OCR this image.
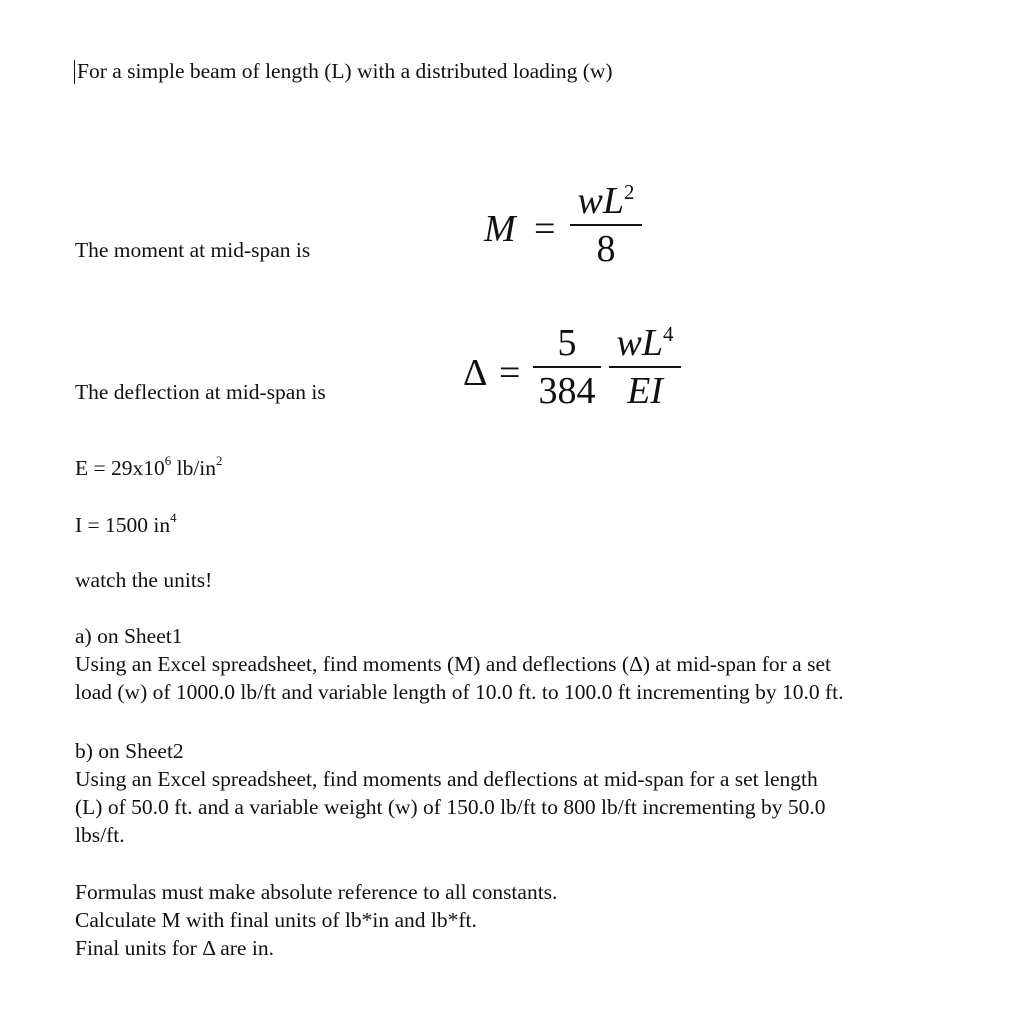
For a simple beam of length (L) with a distributed loading (w)
The moment at mid-span is	M =
$wL^2$
8
The deflection at mid-span is	Δ =
5
384
$wL^4$
EI
$E = 29x10^6$ $lb/in^2$
I = 1500 $in^4$
watch the units!
a) on Sheet1
Using an Excel spreadsheet, find moments (M) and deflections (Δ) at mid-span for a set
load (w) of 1000.0 lb/ft and variable length of 10.0 ft. to 100.0 ft incrementing by 10.0 ft.
b) on Sheet2
Using an Excel spreadsheet, find moments and deflections at mid-span for a set length
(L) of 50.0 ft. and a variable weight (w) of 150.0 lb/ft to 800 lb/ft incrementing by 50.0
lbs/ft.
Formulas must make absolute reference to all constants.
Calculate M with final units of lb*in and lb*ft.
Final units for Δ are in.
